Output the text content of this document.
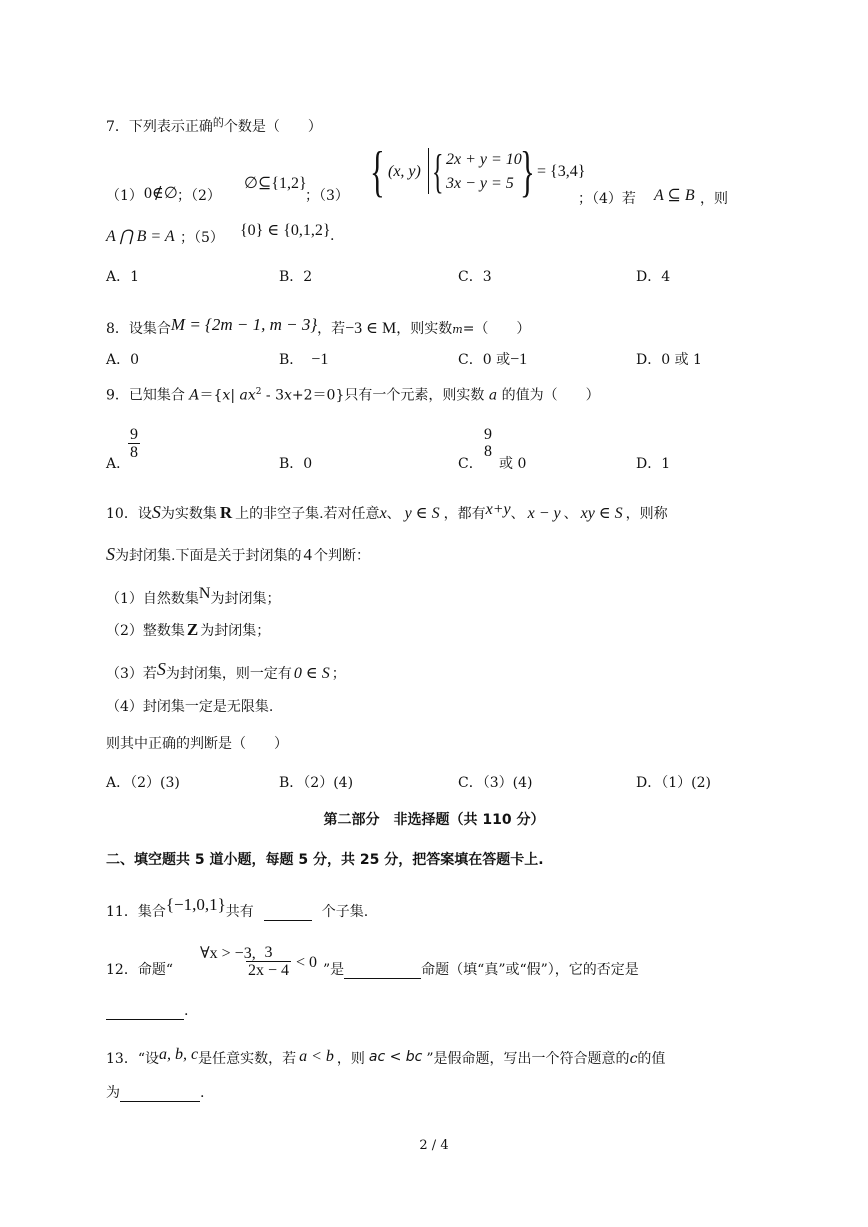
7．下列表示正确$^的$个数是（　　）
（1） 0∉∅ ；（2）
∅⊆{1,2}
；（3） { (x, y) { 2x + y = 10
3x − y = 5 } = {3,4}
；（4）若 A ⊆ B ，则
A ⋂ B = A ；（5） {0} ∈ {0,1,2} .
A．1	B．2	C．3	D．4
8．设集合M = {2m − 1, m − 3}，若−3 ∈ M，则实数m=（　　）
A．0	B． −1	C．0 或−1	D．0 或 1
9．已知集合 A＝{x| $ax^2 - 3x+2=0$}只有一个元素，则实数 a 的值为（　　）
A．
$\frac{9}{8}$
B．0	C．
9
8
或 0	D．1
10．设S为实数集 R 上的非空子集.若对任意x、 y ∈ S ，都有x+y、 x − y 、 xy ∈ S ，则称
S为封闭集.下面是关于封闭集的 4 个判断：
（1）自然数集N为封闭集；
（2）整数集 Z 为封闭集；
（3）若S为封闭集，则一定有 0 ∈ S ；
（4）封闭集一定是无限集.
则其中正确的判断是（　　）
A．（2）(3)	B．（2）(4)	C．（3）(4)	D．（1）(2)
第二部分　非选择题（共 110 分）
二、填空题共 5 道小题，每题 5 分，共 25 分，把答案填在答题卡上.
11．集合{−1,0,1}共有	个子集.
12．命题“
∀x > −3,
$\frac{3}{2x - 4} < 0$ ”是	命题（填“真”或“假”），它的否定是
.
13．“设a, b, c是任意实数，若 a < b ，则 ac < bc ”是假命题，写出一个符合题意的c的值
为	.
2 / 4
